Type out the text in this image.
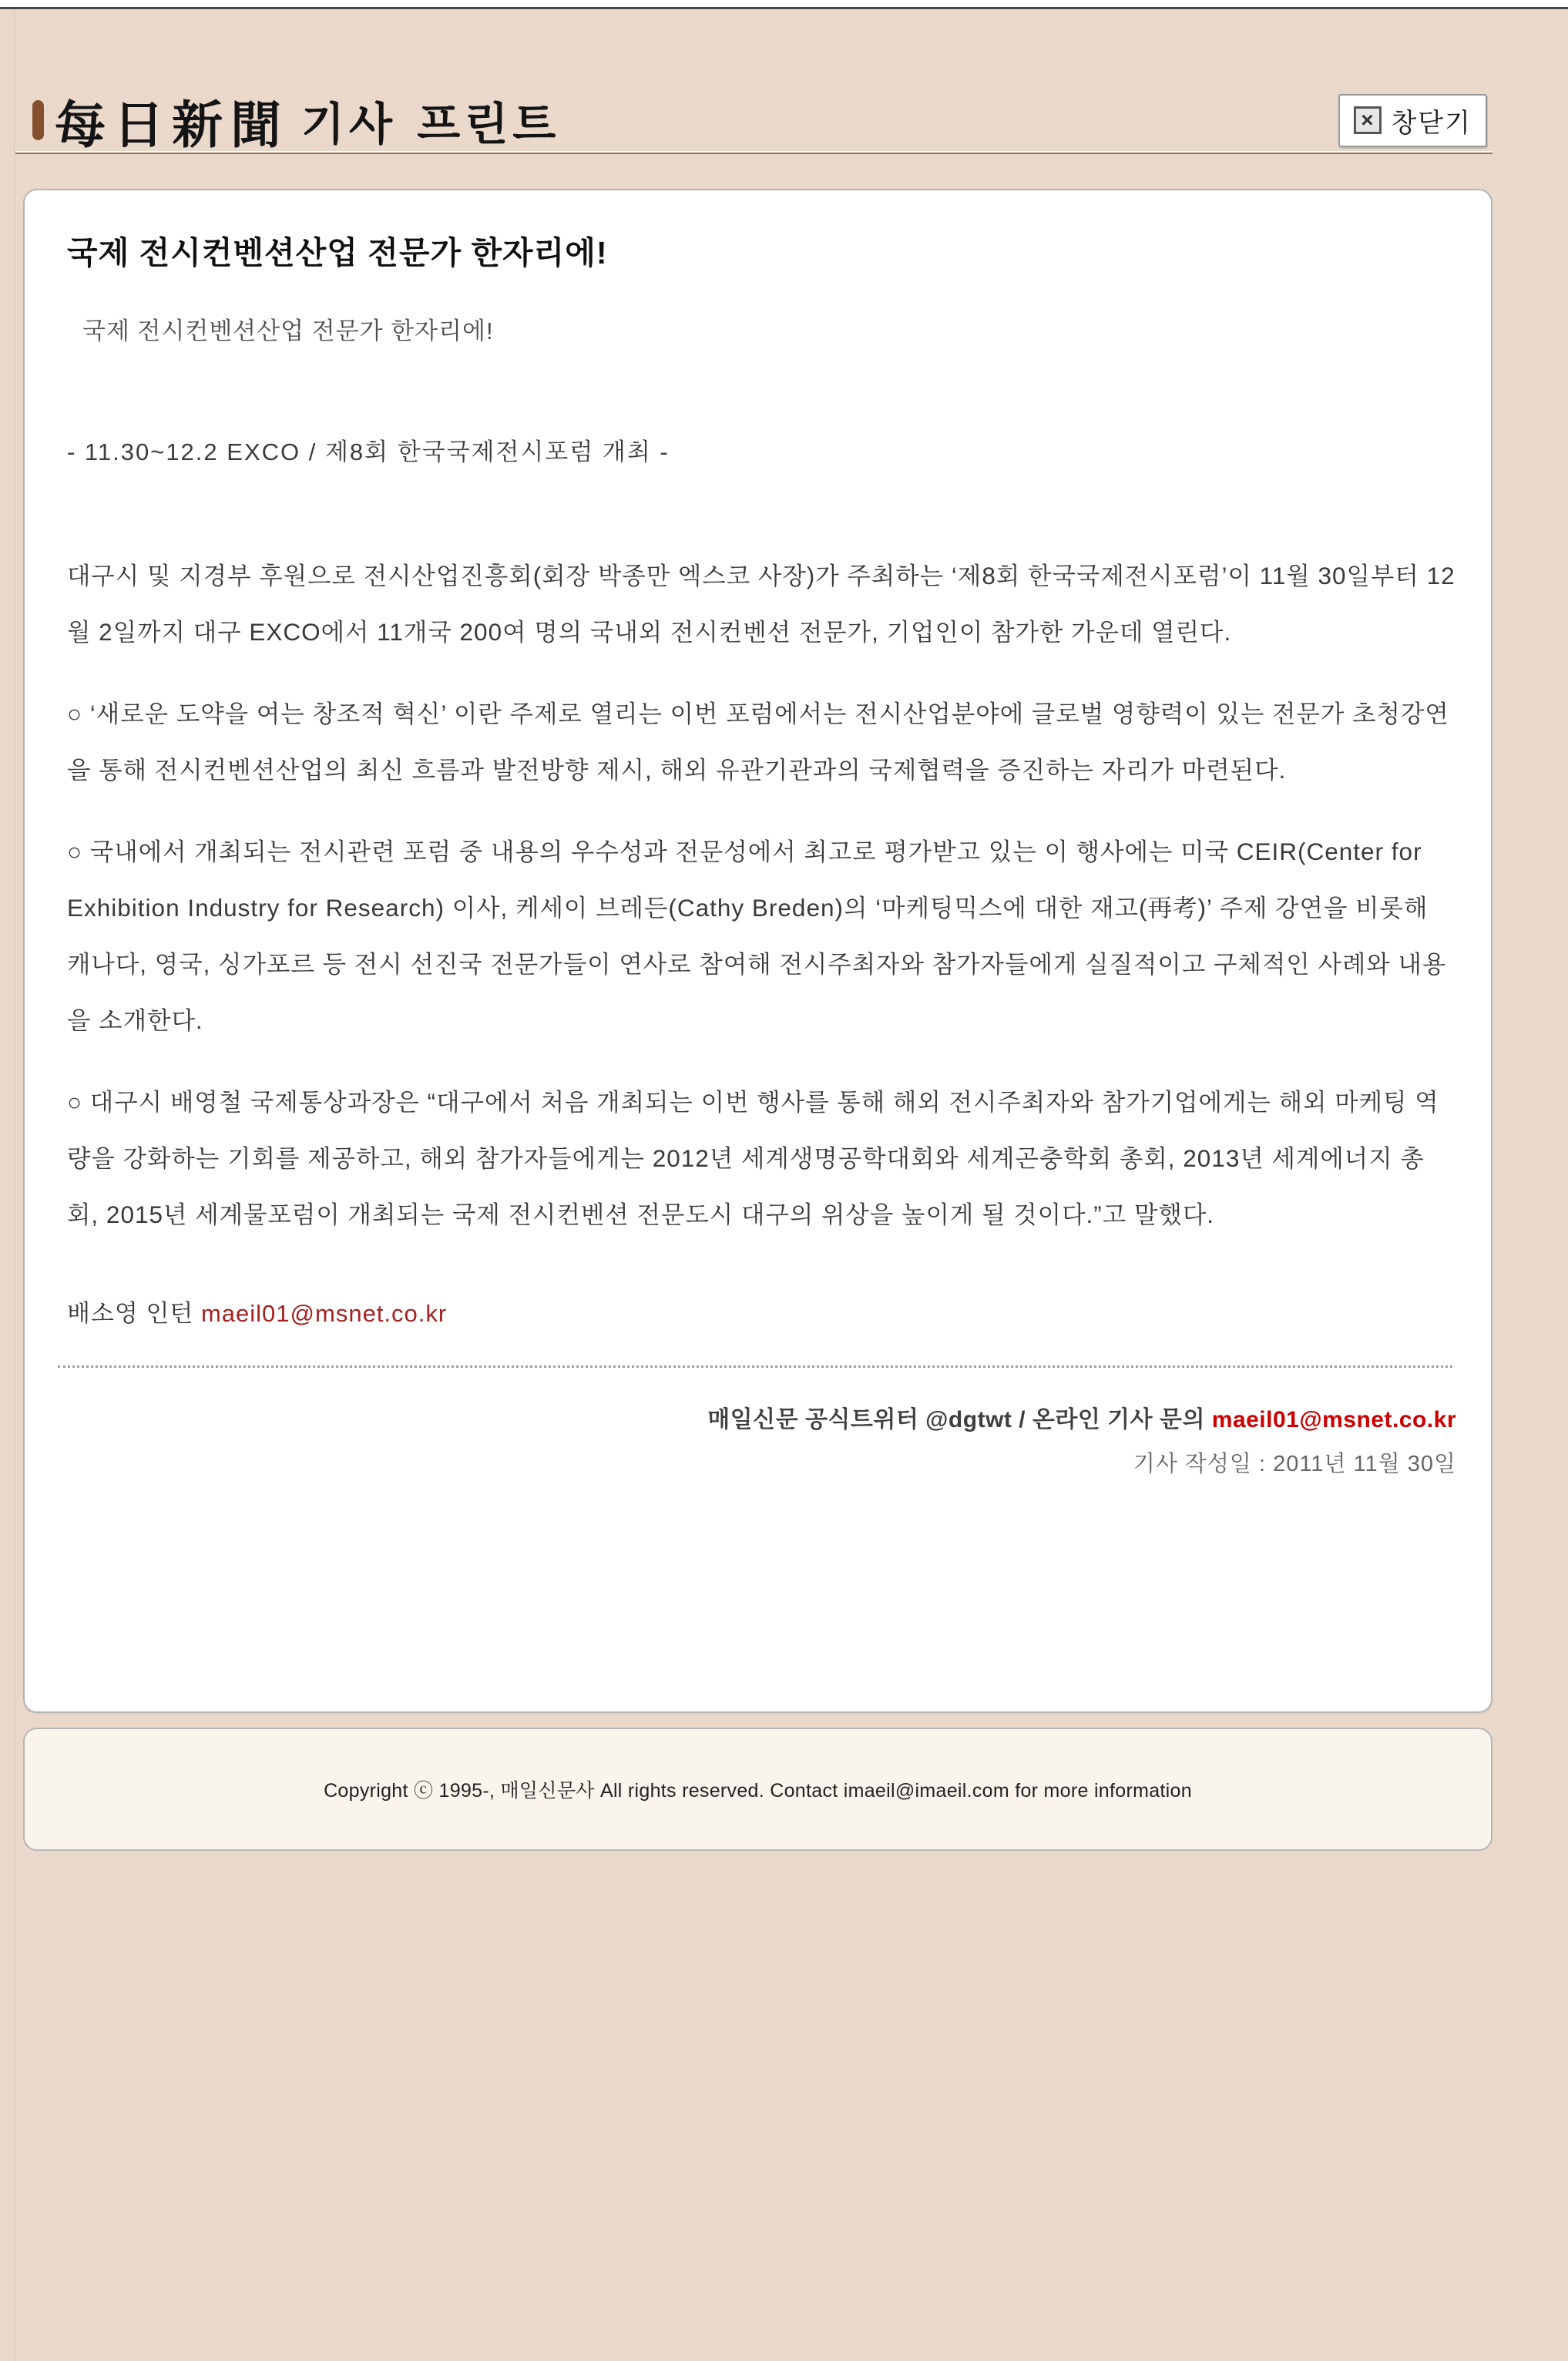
每日新聞 기사 프린트	× 창닫기
국제 전시컨벤션산업 전문가 한자리에!
국제 전시컨벤션산업 전문가 한자리에!
- 11.30~12.2 EXCO / 제8회 한국국제전시포럼 개최 -

대구시 및 지경부 후원으로 전시산업진흥회(회장 박종만 엑스코 사장)가 주최하는 ‘제8회 한국국제전시포럼’이 11월 30일부터 12월 2일까지 대구 EXCO에서 11개국 200여 명의 국내외 전시컨벤션 전문가, 기업인이 참가한 가운데 열린다.

○ ‘새로운 도약을 여는 창조적 혁신’ 이란 주제로 열리는 이번 포럼에서는 전시산업분야에 글로벌 영향력이 있는 전문가 초청강연을 통해 전시컨벤션산업의 최신 흐름과 발전방향 제시, 해외 유관기관과의 국제협력을 증진하는 자리가 마련된다.

○ 국내에서 개최되는 전시관련 포럼 중 내용의 우수성과 전문성에서 최고로 평가받고 있는 이 행사에는 미국 CEIR(Center for Exhibition Industry for Research) 이사, 케세이 브레든(Cathy Breden)의 ‘마케팅믹스에 대한 재고(再考)’ 주제 강연을 비롯해 캐나다, 영국, 싱가포르 등 전시 선진국 전문가들이 연사로 참여해 전시주최자와 참가자들에게 실질적이고 구체적인 사례와 내용을 소개한다.

○ 대구시 배영철 국제통상과장은 “대구에서 처음 개최되는 이번 행사를 통해 해외 전시주최자와 참가기업에게는 해외 마케팅 역량을 강화하는 기회를 제공하고, 해외 참가자들에게는 2012년 세계생명공학대회와 세계곤충학회 총회, 2013년 세계에너지 총회, 2015년 세계물포럼이 개최되는 국제 전시컨벤션 전문도시 대구의 위상을 높이게 될 것이다.”고 말했다.

배소영 인턴 maeil01@msnet.co.kr
매일신문 공식트위터 @dgtwt / 온라인 기사 문의 maeil01@msnet.co.kr
기사 작성일 : 2011년 11월 30일
Copyright ⓒ 1995-, 매일신문사 All rights reserved. Contact imaeil@imaeil.com for more information
